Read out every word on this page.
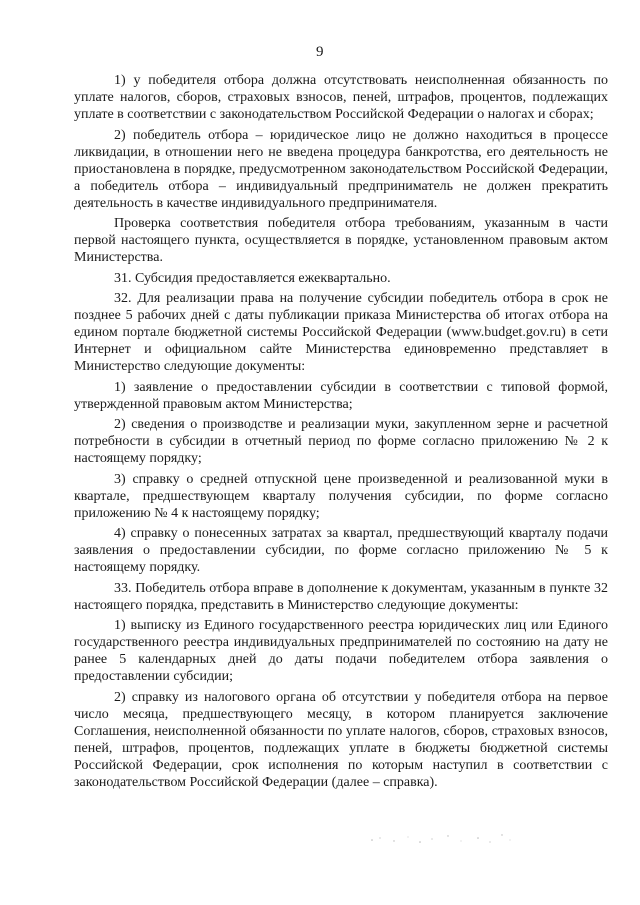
9

1) у победителя отбора должна отсутствовать неисполненная обязанность по уплате налогов, сборов, страховых взносов, пеней, штрафов, процентов, подлежащих уплате в соответствии с законодательством Российской Федерации о налогах и сборах;

2) победитель отбора – юридическое лицо не должно находиться в процессе ликвидации, в отношении него не введена процедура банкротства, его деятельность не приостановлена в порядке, предусмотренном законодательством Российской Федерации, а победитель отбора – индивидуальный предприниматель не должен прекратить деятельность в качестве индивидуального предпринимателя.

Проверка соответствия победителя отбора требованиям, указанным в части первой настоящего пункта, осуществляется в порядке, установленном правовым актом Министерства.

31. Субсидия предоставляется ежеквартально.

32. Для реализации права на получение субсидии победитель отбора в срок не позднее 5 рабочих дней с даты публикации приказа Министерства об итогах отбора на едином портале бюджетной системы Российской Федерации (www.budget.gov.ru) в сети Интернет и официальном сайте Министерства единовременно представляет в Министерство следующие документы:

1) заявление о предоставлении субсидии в соответствии с типовой формой, утвержденной правовым актом Министерства;

2) сведения о производстве и реализации муки, закупленном зерне и расчетной потребности в субсидии в отчетный период по форме согласно приложению № 2 к настоящему порядку;

3) справку о средней отпускной цене произведенной и реализованной муки в квартале, предшествующем кварталу получения субсидии, по форме согласно приложению № 4 к настоящему порядку;

4) справку о понесенных затратах за квартал, предшествующий кварталу подачи заявления о предоставлении субсидии, по форме согласно приложению № 5 к настоящему порядку.

33. Победитель отбора вправе в дополнение к документам, указанным в пункте 32 настоящего порядка, представить в Министерство следующие документы:

1) выписку из Единого государственного реестра юридических лиц или Единого государственного реестра индивидуальных предпринимателей по состоянию на дату не ранее 5 календарных дней до даты подачи победителем отбора заявления о предоставлении субсидии;

2) справку из налогового органа об отсутствии у победителя отбора на первое число месяца, предшествующего месяцу, в котором планируется заключение Соглашения, неисполненной обязанности по уплате налогов, сборов, страховых взносов, пеней, штрафов, процентов, подлежащих уплате в бюджеты бюджетной системы Российской Федерации, срок исполнения по которым наступил в соответствии с законодательством Российской Федерации (далее – справка).
